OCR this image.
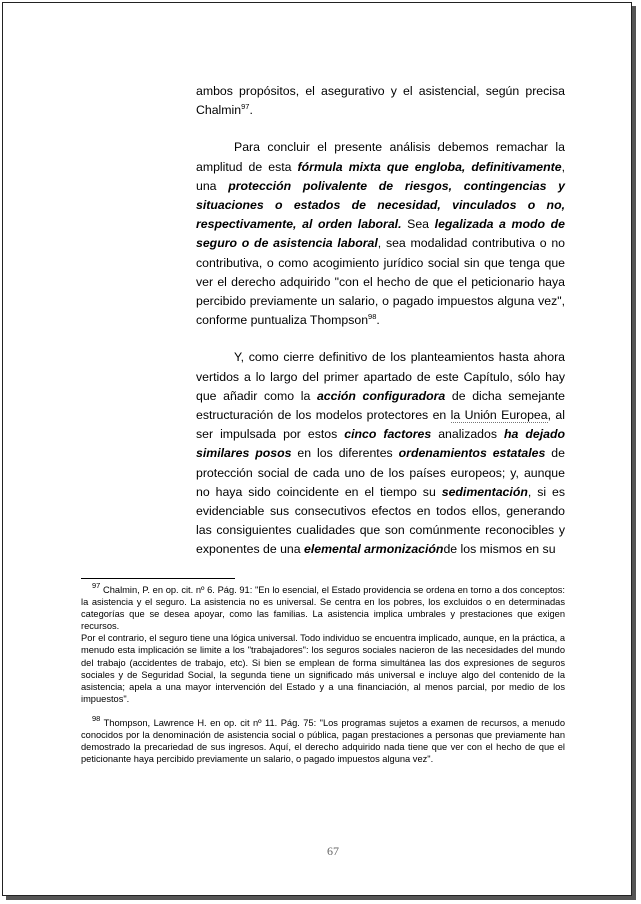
ambos propósitos, el asegurativo y el asistencial, según precisa Chalmin$^{97}$.

Para concluir el presente análisis debemos remachar la amplitud de esta fórmula mixta que engloba, definitivamente, una protección polivalente de riesgos, contingencias y situaciones o estados de necesidad, vinculados o no, respectivamente, al orden laboral. Sea legalizada a modo de seguro o de asistencia laboral, sea modalidad contributiva o no contributiva, o como acogimiento jurídico social sin que tenga que ver el derecho adquirido "con el hecho de que el peticionario haya percibido previamente un salario, o pagado impuestos alguna vez", conforme puntualiza Thompson$^{98}$.

Y, como cierre definitivo de los planteamientos hasta ahora vertidos a lo largo del primer apartado de este Capítulo, sólo hay que añadir como la acción configuradora de dicha semejante estructuración de los modelos protectores en la Unión Europea, al ser impulsada por estos cinco factores analizados ha dejado similares posos en los diferentes ordenamientos estatales de protección social de cada uno de los países europeos; y, aunque no haya sido coincidente en el tiempo su sedimentación, si es evidenciable sus consecutivos efectos en todos ellos, generando las consiguientes cualidades que son comúnmente reconocibles y exponentes de una elemental armonizaciónde los mismos en su

$^{97}$ Chalmin, P. en op. cit. nº 6. Pág. 91: "En lo esencial, el Estado providencia se ordena en torno a dos conceptos: la asistencia y el seguro. La asistencia no es universal. Se centra en los pobres, los excluidos o en determinadas categorías que se desea apoyar, como las familias. La asistencia implica umbrales y prestaciones que exigen recursos.

Por el contrario, el seguro tiene una lógica universal. Todo individuo se encuentra implicado, aunque, en la práctica, a menudo esta implicación se limite a los "trabajadores": los seguros sociales nacieron de las necesidades del mundo del trabajo (accidentes de trabajo, etc). Si bien se emplean de forma simultánea las dos expresiones de seguros sociales y de Seguridad Social, la segunda tiene un significado más universal e incluye algo del contenido de la asistencia; apela a una mayor intervención del Estado y a una financiación, al menos parcial, por medio de los impuestos".

$^{98}$ Thompson, Lawrence H. en op. cit nº 11. Pág. 75: "Los programas sujetos a examen de recursos, a menudo conocidos por la denominación de asistencia social o pública, pagan prestaciones a personas que previamente han demostrado la precariedad de sus ingresos. Aquí, el derecho adquirido nada tiene que ver con el hecho de que el peticionante haya percibido previamente un salario, o pagado impuestos alguna vez".

67
